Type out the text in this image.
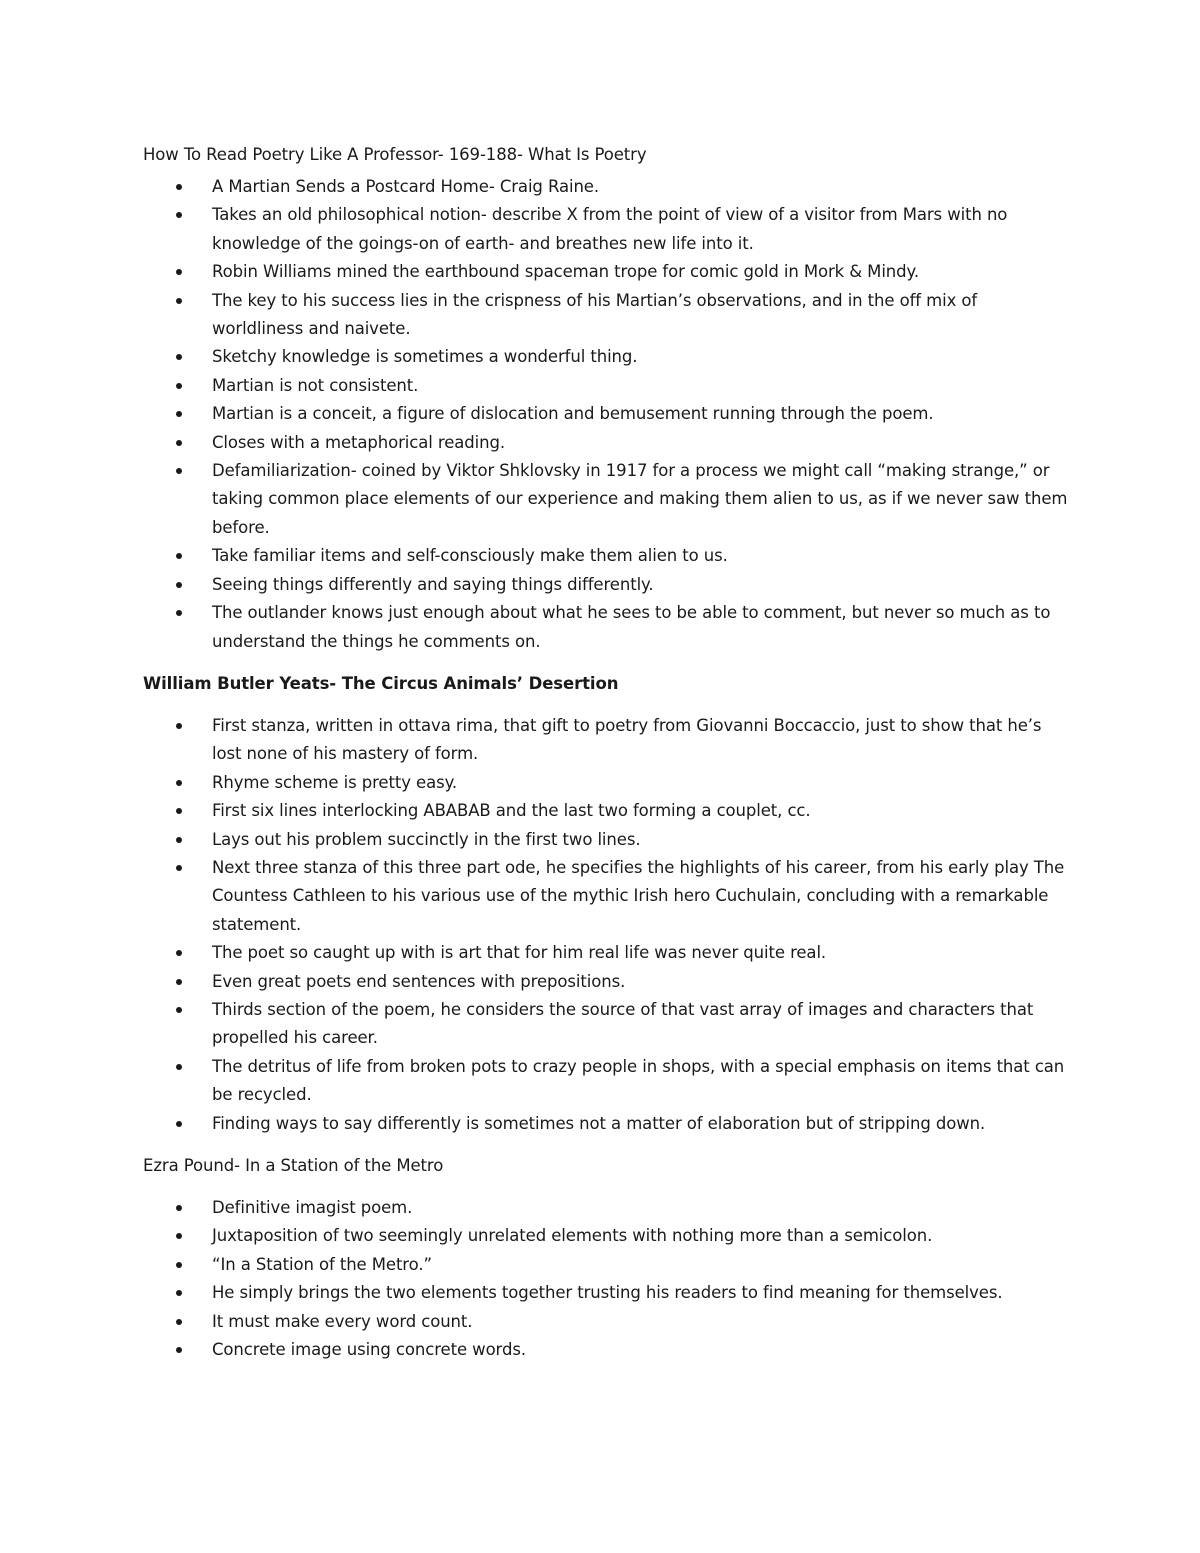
How To Read Poetry Like A Professor- 169-188- What Is Poetry
A Martian Sends a Postcard Home- Craig Raine.
Takes an old philosophical notion- describe X from the point of view of a visitor from Mars with no knowledge of the goings-on of earth- and breathes new life into it.
Robin Williams mined the earthbound spaceman trope for comic gold in Mork & Mindy.
The key to his success lies in the crispness of his Martian’s observations, and in the off mix of worldliness and naivete.
Sketchy knowledge is sometimes a wonderful thing.
Martian is not consistent.
Martian is a conceit, a figure of dislocation and bemusement running through the poem.
Closes with a metaphorical reading.
Defamiliarization- coined by Viktor Shklovsky in 1917 for a process we might call “making strange,” or taking common place elements of our experience and making them alien to us, as if we never saw them before.
Take familiar items and self-consciously make them alien to us.
Seeing things differently and saying things differently.
The outlander knows just enough about what he sees to be able to comment, but never so much as to understand the things he comments on.
William Butler Yeats- The Circus Animals’ Desertion
First stanza, written in ottava rima, that gift to poetry from Giovanni Boccaccio, just to show that he’s lost none of his mastery of form.
Rhyme scheme is pretty easy.
First six lines interlocking ABABAB and the last two forming a couplet, cc.
Lays out his problem succinctly in the first two lines.
Next three stanza of this three part ode, he specifies the highlights of his career, from his early play The Countess Cathleen to his various use of the mythic Irish hero Cuchulain, concluding with a remarkable statement.
The poet so caught up with is art that for him real life was never quite real.
Even great poets end sentences with prepositions.
Thirds section of the poem, he considers the source of that vast array of images and characters that propelled his career.
The detritus of life from broken pots to crazy people in shops, with a special emphasis on items that can be recycled.
Finding ways to say differently is sometimes not a matter of elaboration but of stripping down.
Ezra Pound- In a Station of the Metro
Definitive imagist poem.
Juxtaposition of two seemingly unrelated elements with nothing more than a semicolon.
“In a Station of the Metro.”
He simply brings the two elements together trusting his readers to find meaning for themselves.
It must make every word count.
Concrete image using concrete words.
